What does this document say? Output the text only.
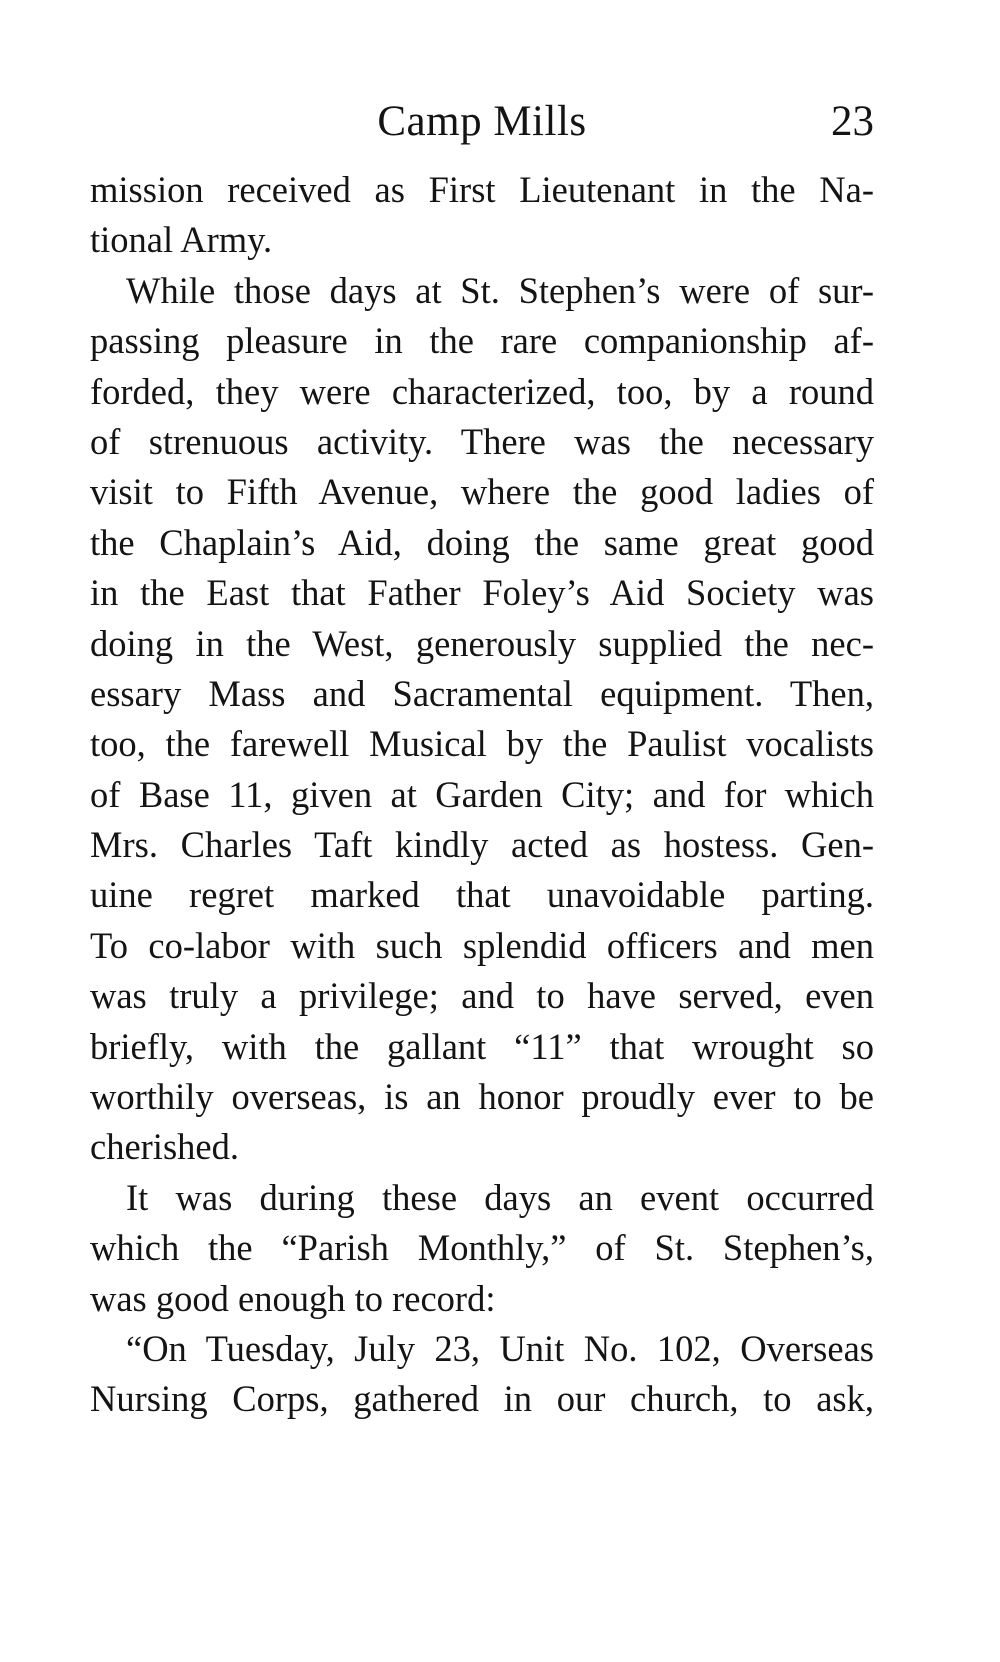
Camp Mills	23
mission received as First Lieutenant in the Na-
tional Army.
While those days at St. Stephen’s were of sur-
passing pleasure in the rare companionship af-
forded, they were characterized, too, by a round
of strenuous activity. There was the necessary
visit to Fifth Avenue, where the good ladies of
the Chaplain’s Aid, doing the same great good
in the East that Father Foley’s Aid Society was
doing in the West, generously supplied the nec-
essary Mass and Sacramental equipment. Then,
too, the farewell Musical by the Paulist vocalists
of Base 11, given at Garden City; and for which
Mrs. Charles Taft kindly acted as hostess. Gen-
uine regret marked that unavoidable parting.
To co-labor with such splendid officers and men
was truly a privilege; and to have served, even
briefly, with the gallant “11” that wrought so
worthily overseas, is an honor proudly ever to be
cherished.
It was during these days an event occurred
which the “Parish Monthly,” of St. Stephen’s,
was good enough to record:
“On Tuesday, July 23, Unit No. 102, Overseas
Nursing Corps, gathered in our church, to ask,
